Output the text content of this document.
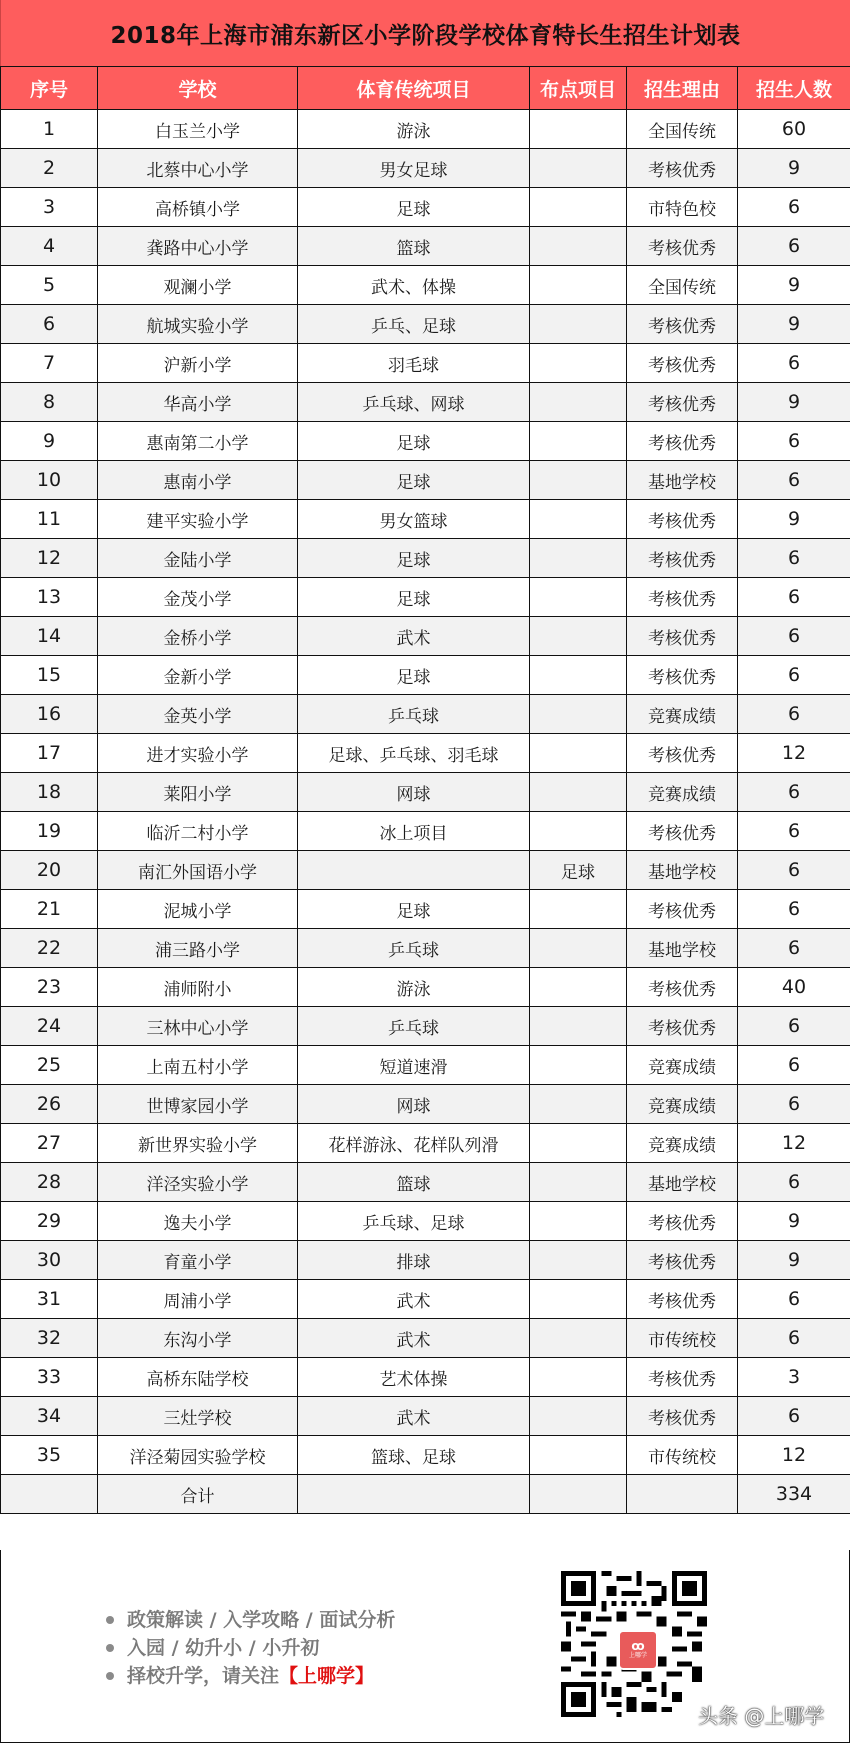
2018年上海市浦东新区小学阶段学校体育特长生招生计划表
序号	学校	体育传统项目	布点项目	招生理由	招生人数
1	白玉兰小学	游泳		全国传统	60
2	北蔡中心小学	男女足球		考核优秀	9
3	高桥镇小学	足球		市特色校	6
4	龚路中心小学	篮球		考核优秀	6
5	观澜小学	武术、体操		全国传统	9
6	航城实验小学	乒乓、足球		考核优秀	9
7	沪新小学	羽毛球		考核优秀	6
8	华高小学	乒乓球、网球		考核优秀	9
9	惠南第二小学	足球		考核优秀	6
10	惠南小学	足球		基地学校	6
11	建平实验小学	男女篮球		考核优秀	9
12	金陆小学	足球		考核优秀	6
13	金茂小学	足球		考核优秀	6
14	金桥小学	武术		考核优秀	6
15	金新小学	足球		考核优秀	6
16	金英小学	乒乓球		竞赛成绩	6
17	进才实验小学	足球、乒乓球、羽毛球		考核优秀	12
18	莱阳小学	网球		竞赛成绩	6
19	临沂二村小学	冰上项目		考核优秀	6
20	南汇外国语小学		足球	基地学校	6
21	泥城小学	足球		考核优秀	6
22	浦三路小学	乒乓球		基地学校	6
23	浦师附小	游泳		考核优秀	40
24	三林中心小学	乒乓球		考核优秀	6
25	上南五村小学	短道速滑		竞赛成绩	6
26	世博家园小学	网球		竞赛成绩	6
27	新世界实验小学	花样游泳、花样队列滑		竞赛成绩	12
28	洋泾实验小学	篮球		基地学校	6
29	逸夫小学	乒乓球、足球		考核优秀	9
30	育童小学	排球		考核优秀	9
31	周浦小学	武术		考核优秀	6
32	东沟小学	武术		市传统校	6
33	高桥东陆学校	艺术体操		考核优秀	3
34	三灶学校	武术		考核优秀	6
35	洋泾菊园实验学校	篮球、足球		市传统校	12
	合计				334
政策解读 / 入学攻略 / 面试分析
入园 / 幼升小 / 小升初
择校升学，请关注 【上哪学】
ꝏ
上哪学
头条 @上哪学
